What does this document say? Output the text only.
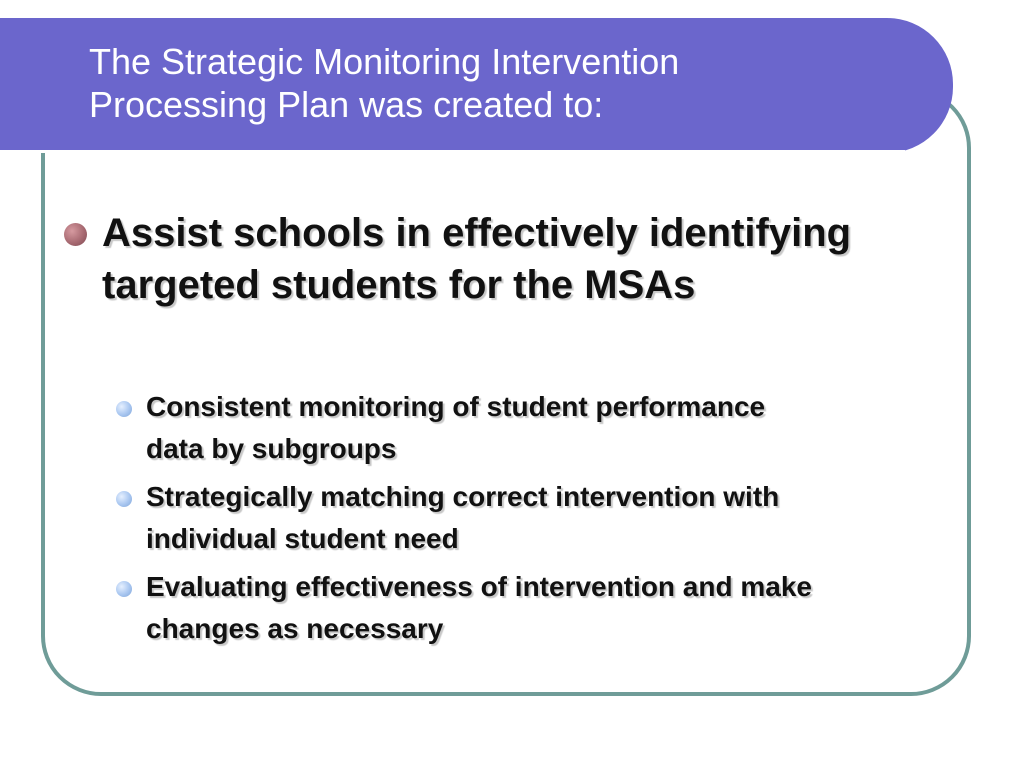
The Strategic Monitoring Intervention
Processing Plan was created to:

Assist schools in effectively identifying
targeted students for the MSAs

Consistent monitoring of student performance
data by subgroups

Strategically matching correct intervention with
individual student need

Evaluating effectiveness of intervention and make
changes as necessary
